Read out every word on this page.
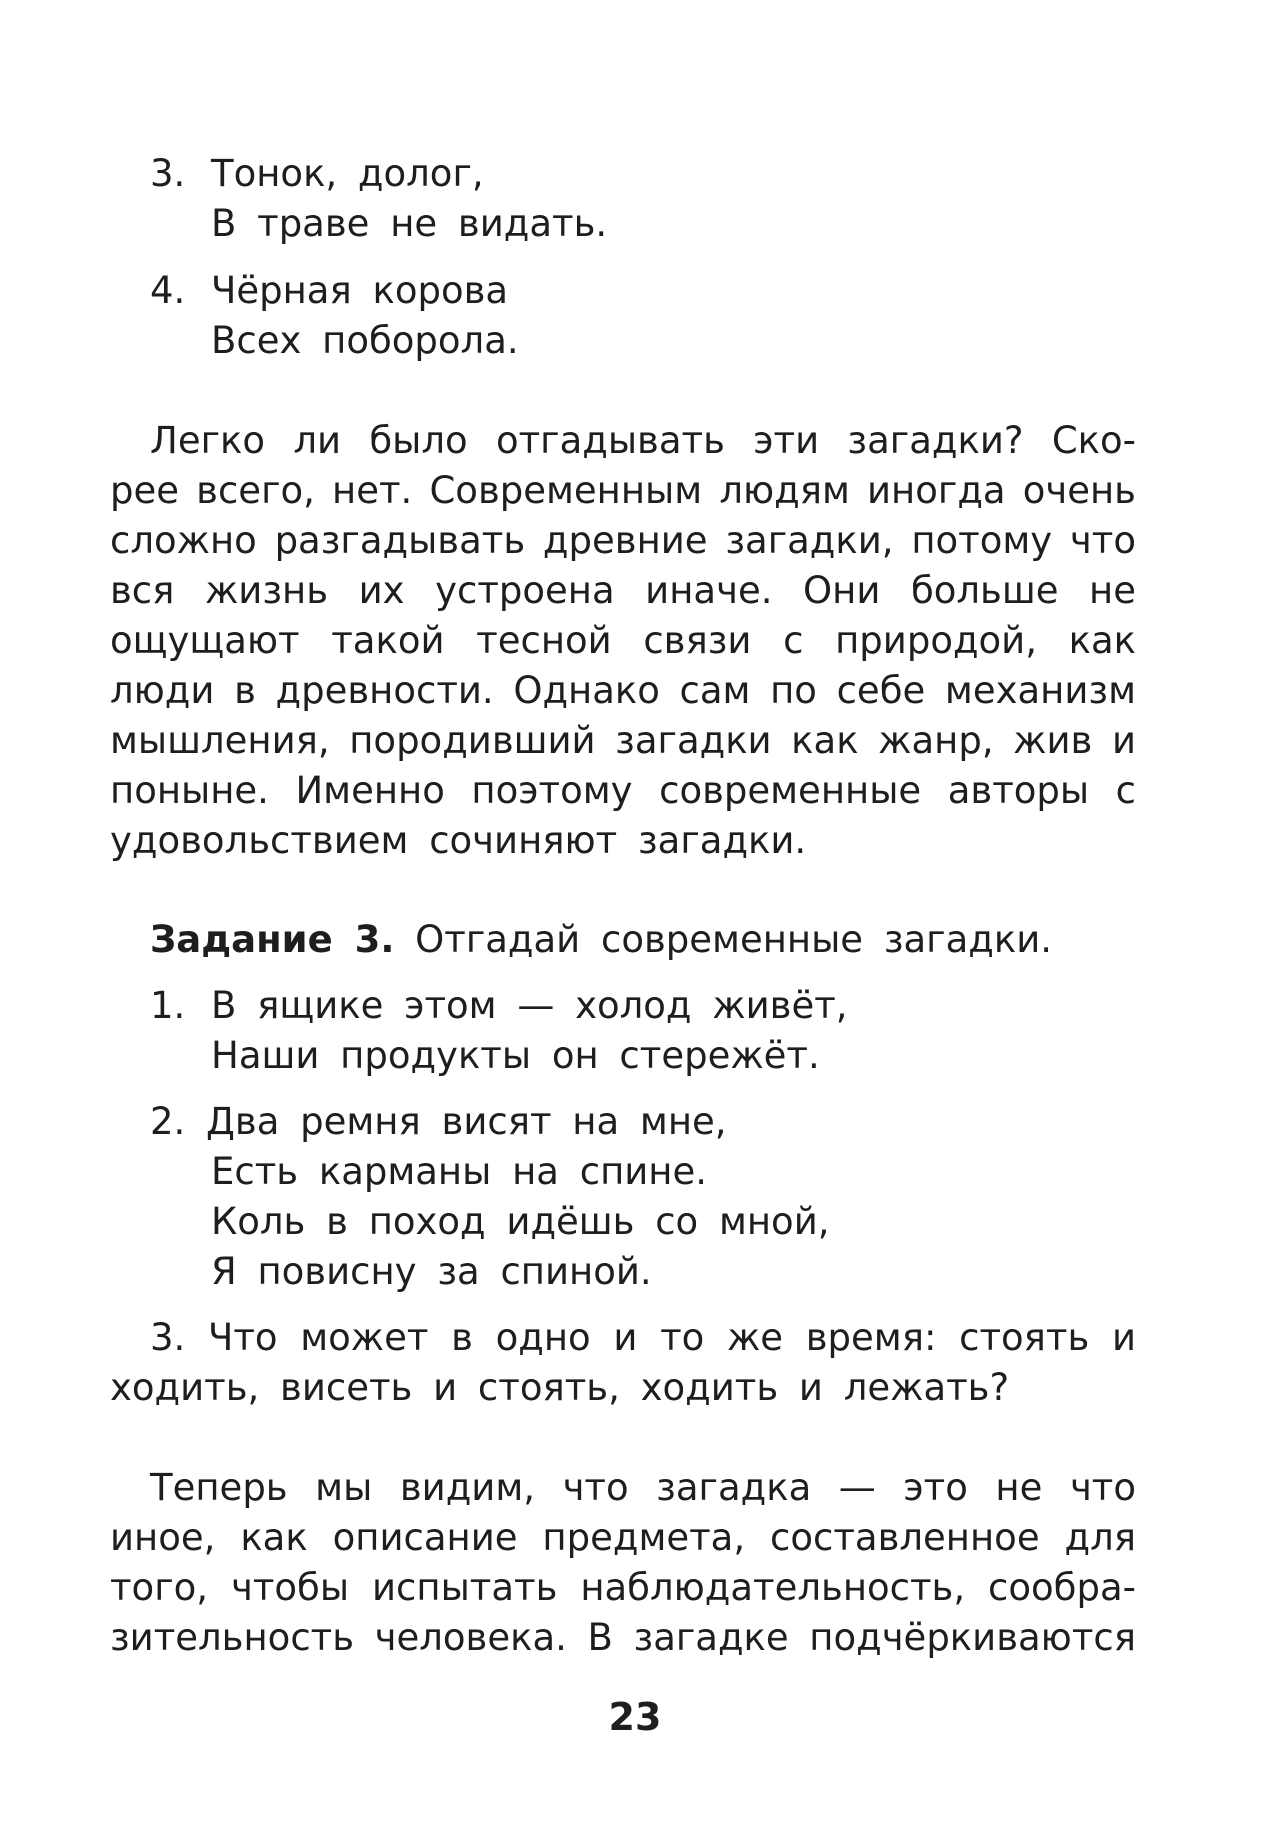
3. Тонок, долог,
В траве не видать.
4. Чёрная корова
Всех поборола.
Легко ли было отгадывать эти загадки? Ско-
рее всего, нет. Современным людям иногда очень
сложно разгадывать древние загадки, потому что
вся жизнь их устроена иначе. Они больше не
ощущают такой тесной связи с природой, как
люди в древности. Однако сам по себе механизм
мышления, породивший загадки как жанр, жив и
поныне. Именно поэтому современные авторы с
удовольствием сочиняют загадки.
Задание 3. Отгадай современные загадки.
1. В ящике этом — холод живёт,
Наши продукты он стережёт.
2. Два ремня висят на мне,
Есть карманы на спине.
Коль в поход идёшь со мной,
Я повисну за спиной.
3. Что может в одно и то же время: стоять и
ходить, висеть и стоять, ходить и лежать?
Теперь мы видим, что загадка — это не что
иное, как описание предмета, составленное для
того, чтобы испытать наблюдательность, сообра-
зительность человека. В загадке подчёркиваются
23
